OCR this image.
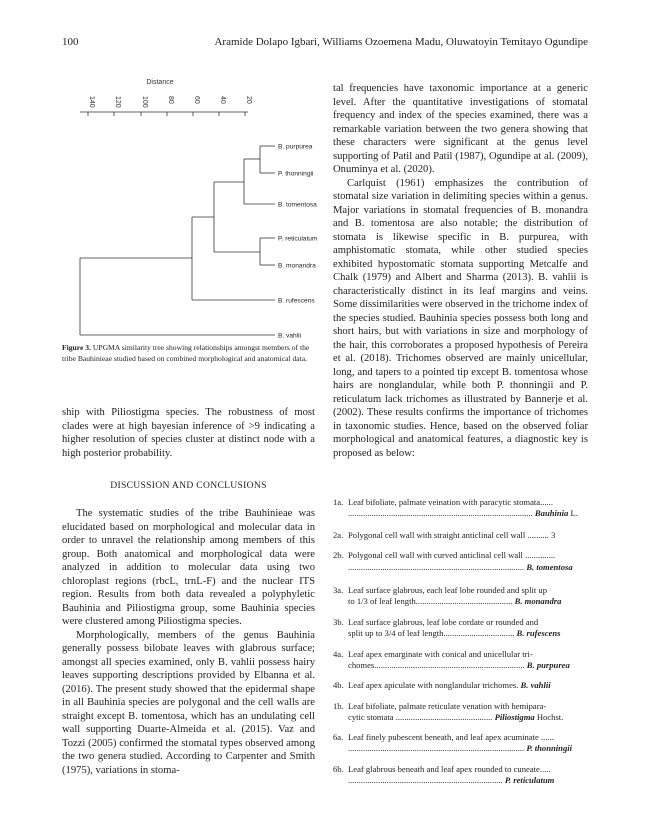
100	Aramide Dolapo Igbari, Williams Ozoemena Madu, Oluwatoyin Temitayo Ogundipe
Distance
140	120	100	80	60	40	20
B. purpurea
P. thonningii
B. tomentosa
P. reticulatum
B. monandra
B. rufescens
B. vahlii
Figure 3. UPGMA similarity tree showing relationships amongst members of the tribe Bauhinieae studied based on combined morphological and anatomical data.

ship with Piliostigma species. The robustness of most clades were at high bayesian inference of >9 indicating a higher resolution of species cluster at distinct node with a high posterior probability.

DISCUSSION AND CONCLUSIONS

The systematic studies of the tribe Bauhinieae was elucidated based on morphological and molecular data in order to unravel the relationship among members of this group. Both anatomical and morphological data were analyzed in addition to molecular data using two chloroplast regions (rbcL, trnL-F) and the nuclear ITS region. Results from both data revealed a polyphyletic Bauhinia and Piliostigma group, some Bauhinia species were clustered among Piliostigma species.

Morphologically, members of the genus Bauhinia generally possess bilobate leaves with glabrous surface; amongst all species examined, only B. vahlii possess hairy leaves supporting descriptions provided by Elbanna et al. (2016). The present study showed that the epidermal shape in all Bauhinia species are polygonal and the cell walls are straight except B. tomentosa, which has an undulating cell wall supporting Duarte-Almeida et al. (2015). Vaz and Tozzi (2005) confirmed the stomatal types observed among the two genera studied. According to Carpenter and Smith (1975), variations in stoma-

tal frequencies have taxonomic importance at a generic level. After the quantitative investigations of stomatal frequency and index of the species examined, there was a remarkable variation between the two genera showing that these characters were significant at the genus level supporting of Patil and Patil (1987), Ogundipe at al. (2009), Onuminya et al. (2020).

Carlquist (1961) emphasizes the contribution of stomatal size variation in delimiting species within a genus. Major variations in stomatal frequencies of B. monandra and B. tomentosa are also notable; the distribution of stomata is likewise specific in B. purpurea, with amphistomatic stomata, while other studied species exhibited hypostomatic stomata supporting Metcalfe and Chalk (1979) and Albert and Sharma (2013). B. vahlii is characteristically distinct in its leaf margins and veins. Some dissimilarities were observed in the trichome index of the species studied. Bauhinia species possess both long and short hairs, but with variations in size and morphology of the hair, this corroborates a proposed hypothesis of Pereira et al. (2018). Trichomes observed are mainly unicellular, long, and tapers to a pointed tip except B. tomentosa whose hairs are nonglandular, while both P. thonningii and P. reticulatum lack trichomes as illustrated by Bannerje et al. (2002). These results confirms the importance of trichomes in taxonomic studies. Hence, based on the observed foliar morphological and anatomical features, a diagnostic key is proposed as below:

1a. Leaf bifoliate, palmate veination with paracytic stomata......
...................................................................................... Bauhinia L.
2a. Polygonal cell wall with straight anticlinal cell wall .......... 3
2b. Polygonal cell wall with curved anticlinal cell wall ..............
.................................................................................. B. tomentosa
3a. Leaf surface glabrous, each leaf lobe rounded and split up
to 1/3 of leaf length............................................. B. monandra
3b. Leaf surface glabrous, leaf lobe cordate or rounded and
split up to 3/4 of leaf length................................. B. rufescens
4a. Leaf apex emarginate with conical and unicellular tri-
chomes...................................................................... B. purpurea
4b. Leaf apex apiculate with nonglandular trichomes. B. vahlii
1b. Leaf bifoliate, palmate reticulate venation with hemipara-
cytic stomata ............................................. Piliostigma Hochst.
6a. Leaf finely pubescent beneath, and leaf apex acuminate ......
.................................................................................. P. thonningii
6b. Leaf glabrous beneath and leaf apex rounded to cuneate.....
........................................................................ P. reticulatum
